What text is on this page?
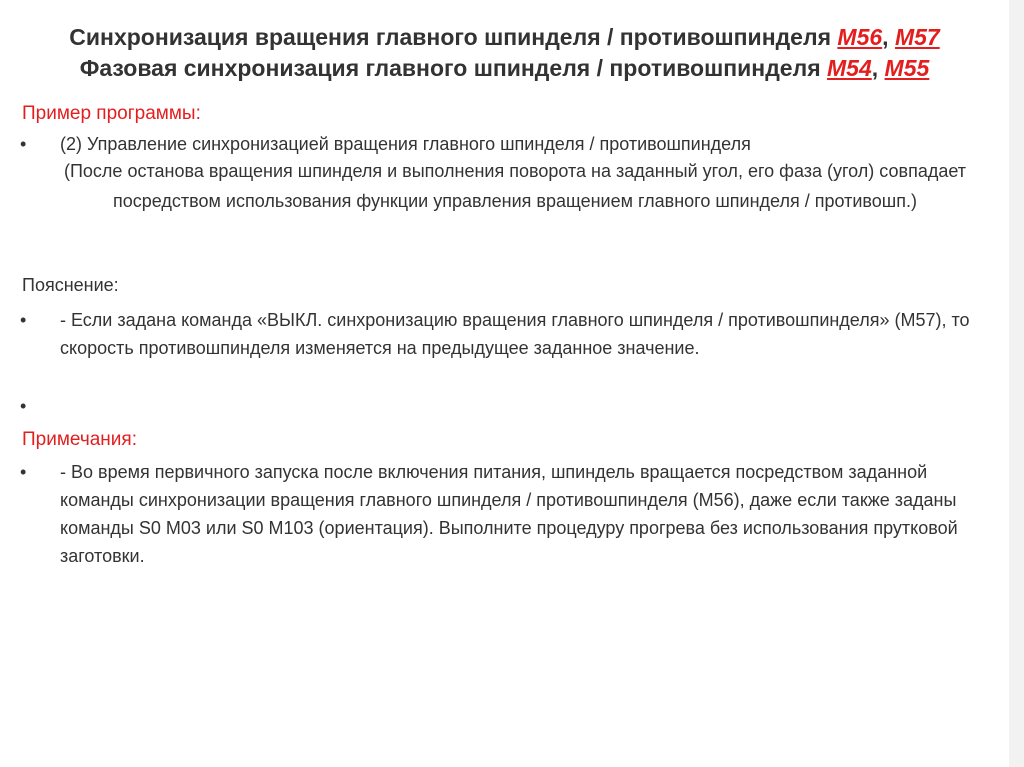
Синхронизация вращения главного шпинделя / противошпинделя M56, M57
Фазовая синхронизация главного шпинделя / противошпинделя M54, M55
Пример программы:
• (2) Управление синхронизацией вращения главного шпинделя / противошпинделя
(После останова вращения шпинделя и выполнения поворота на заданный угол, его фаза (угол) совпадает посредством использования функции управления вращением главного шпинделя / противошп.)
Пояснение:
• - Если задана команда «ВЫКЛ. синхронизацию вращения главного шпинделя / противошпинделя» (M57), то скорость противошпинделя изменяется на предыдущее заданное значение.
•
Примечания:
• - Во время первичного запуска после включения питания, шпиндель вращается посредством заданной команды синхронизации вращения главного шпинделя / противошпинделя (M56), даже если также заданы команды S0 M03 или S0 M103 (ориентация). Выполните процедуру прогрева без использования прутковой заготовки.
